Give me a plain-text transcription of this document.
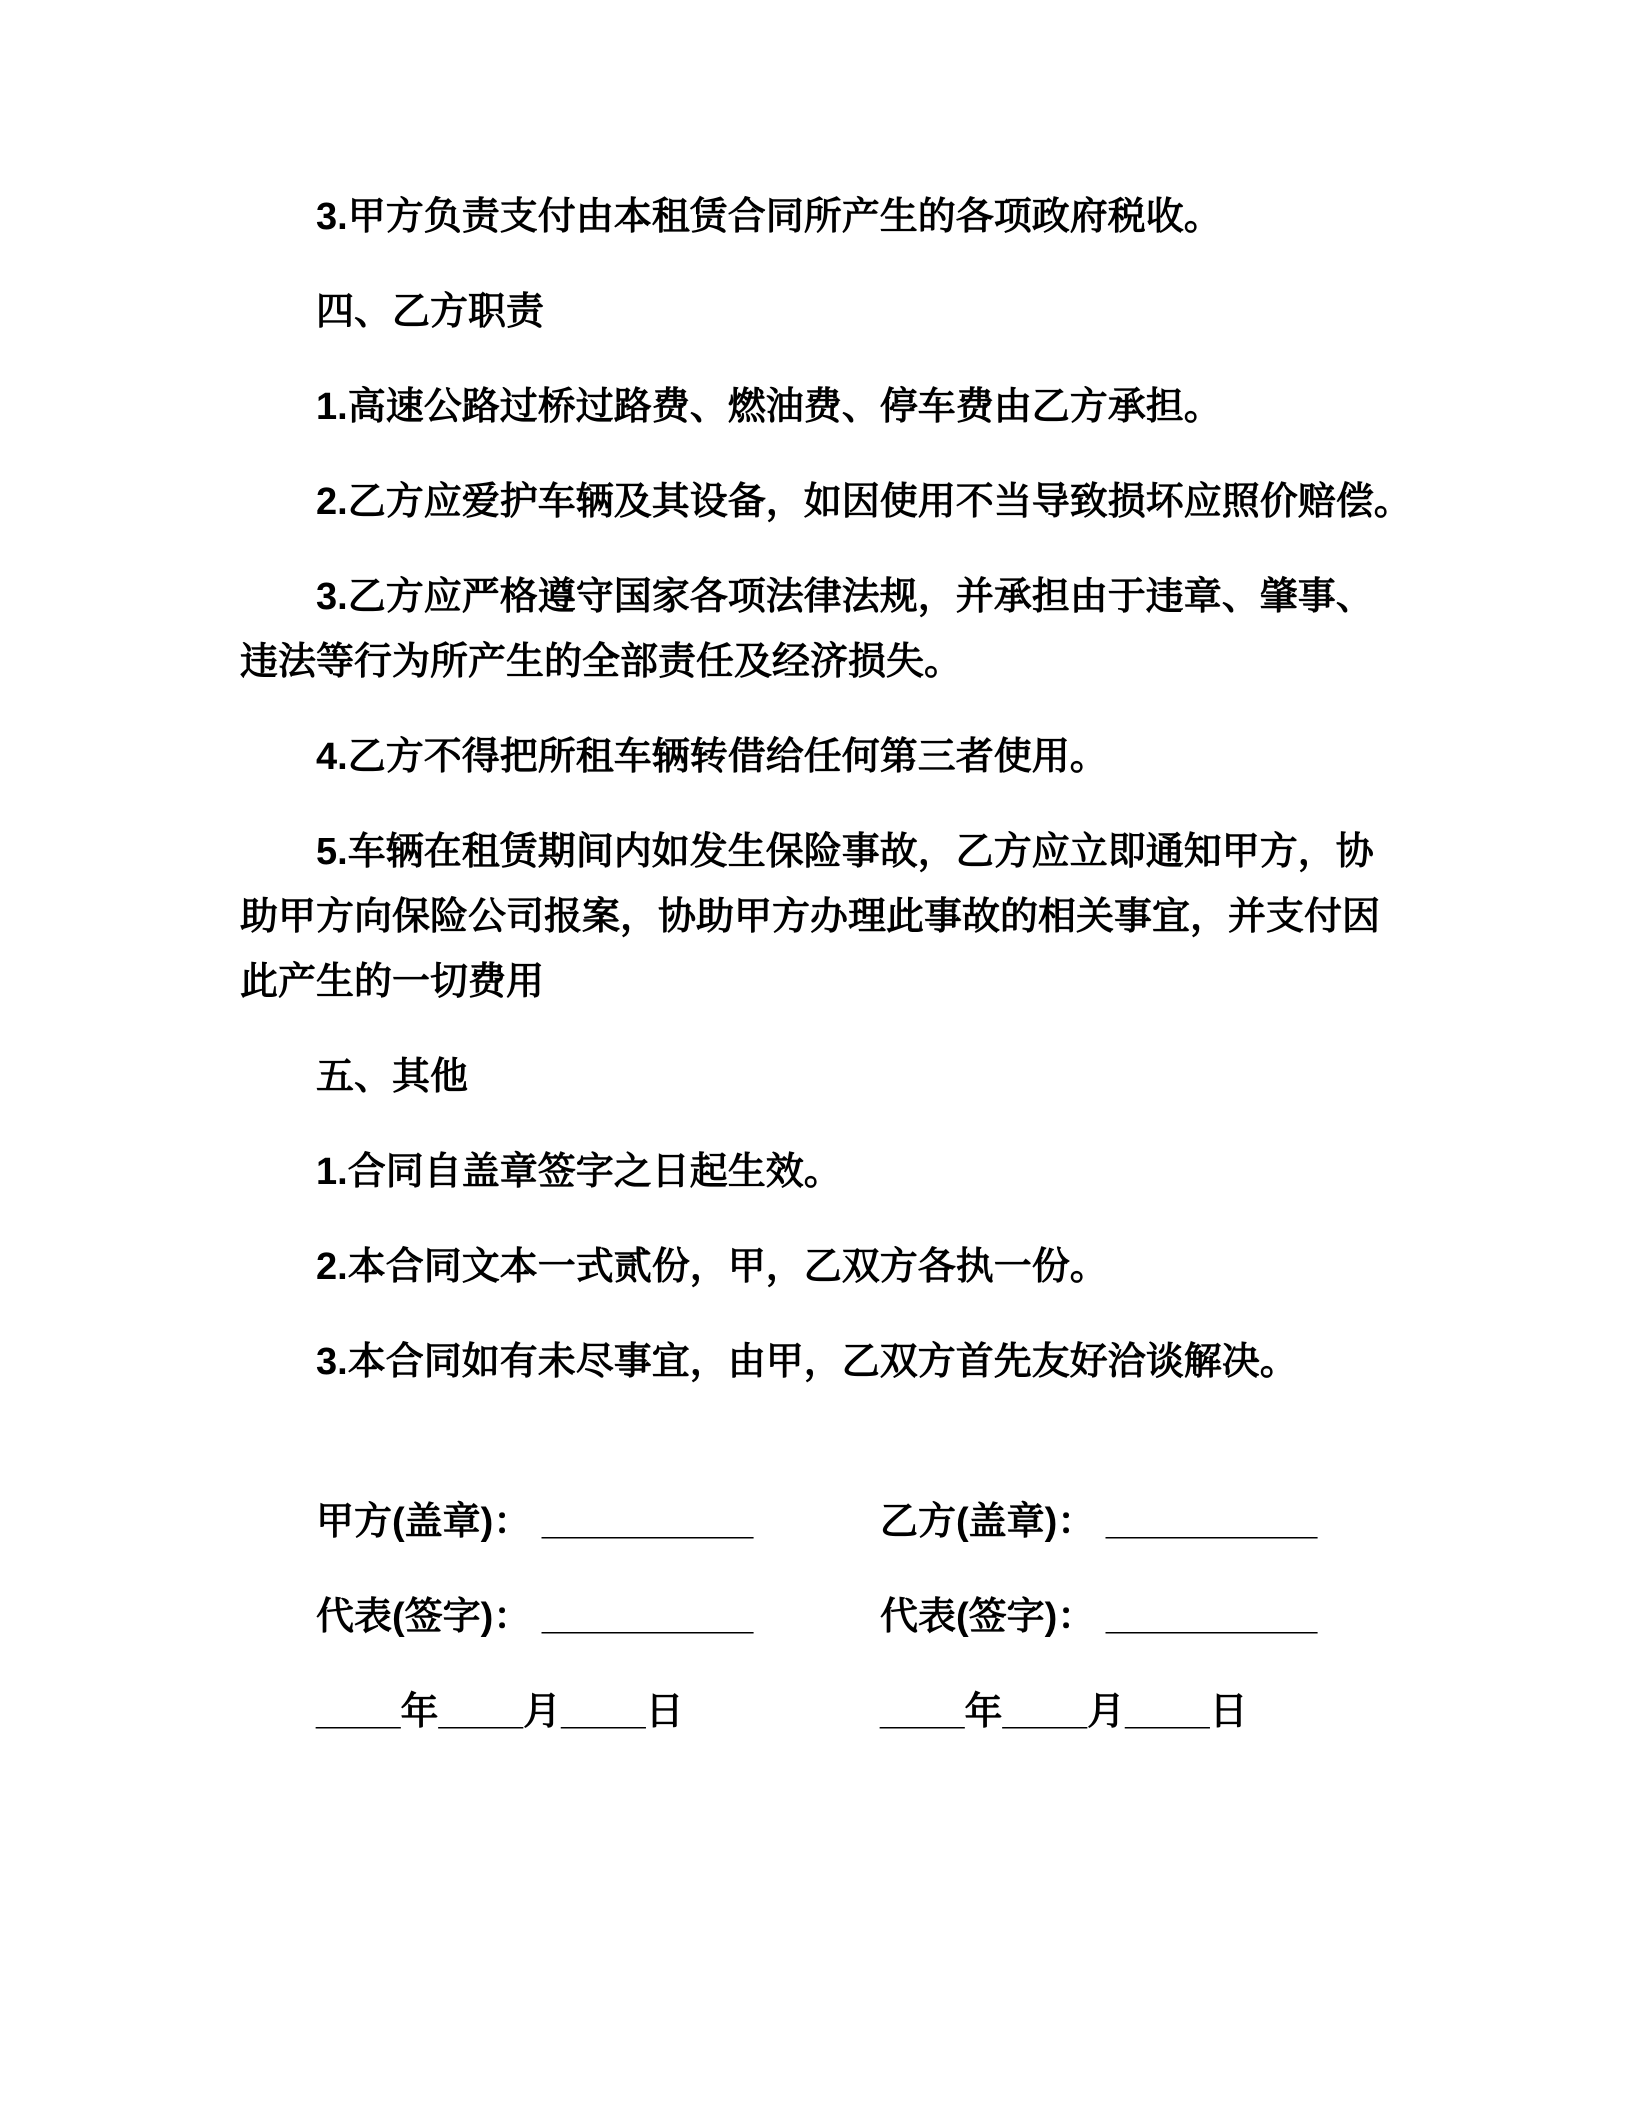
3.甲方负责支付由本租赁合同所产生的各项政府税收。
四、乙方职责
1.高速公路过桥过路费、燃油费、停车费由乙方承担。
2.乙方应爱护车辆及其设备，如因使用不当导致损坏应照价赔偿。
3.乙方应严格遵守国家各项法律法规，并承担由于违章、肇事、
违法等行为所产生的全部责任及经济损失。
4.乙方不得把所租车辆转借给任何第三者使用。
5.车辆在租赁期间内如发生保险事故，乙方应立即通知甲方，协
助甲方向保险公司报案，协助甲方办理此事故的相关事宜，并支付因
此产生的一切费用
五、其他
1.合同自盖章签字之日起生效。
2.本合同文本一式贰份，甲，乙双方各执一份。
3.本合同如有未尽事宜，由甲，乙双方首先友好洽谈解决。
甲方(盖章)： __________	乙方(盖章)： __________
代表(签字)： __________	代表(签字)： __________
____年____月____日	____年____月____日
